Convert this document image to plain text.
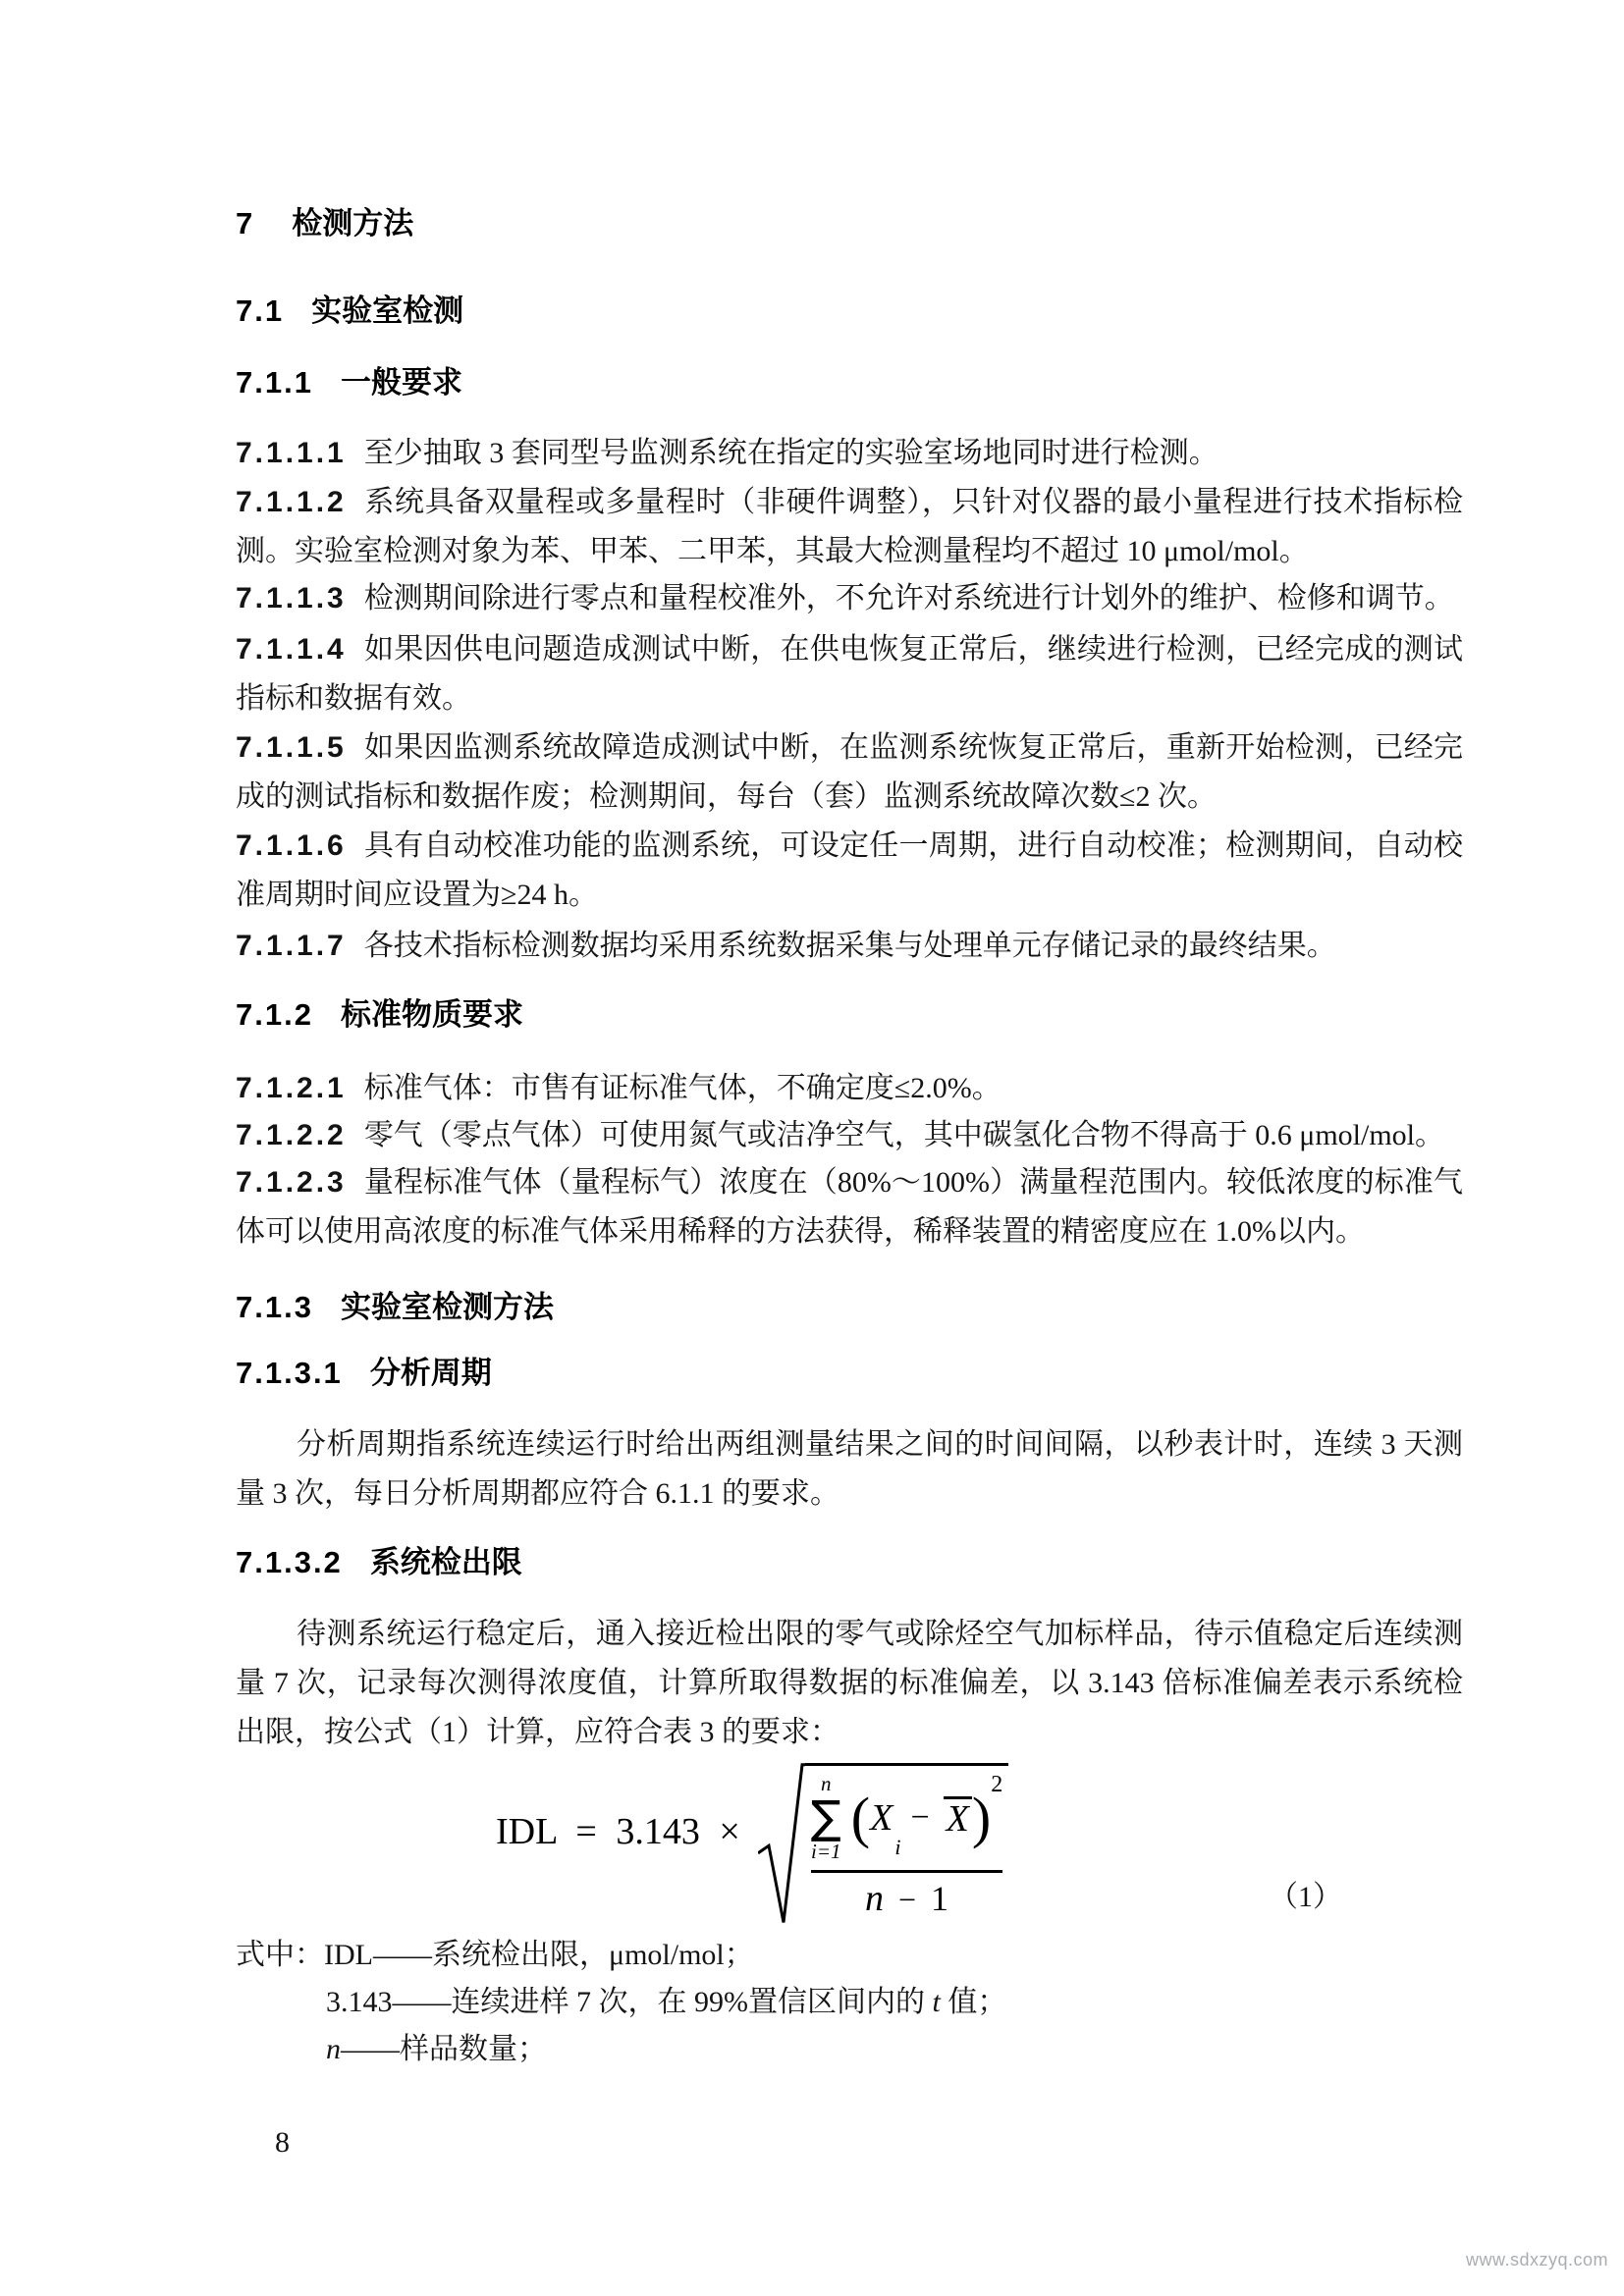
7 检测方法
7.1 实验室检测
7.1.1 一般要求
7.1.1.1 至少抽取 3 套同型号监测系统在指定的实验室场地同时进行检测。
7.1.1.2 系统具备双量程或多量程时（非硬件调整），只针对仪器的最小量程进行技术指标检测。实验室检测对象为苯、甲苯、二甲苯，其最大检测量程均不超过 10 μmol/mol。
7.1.1.3 检测期间除进行零点和量程校准外，不允许对系统进行计划外的维护、检修和调节。
7.1.1.4 如果因供电问题造成测试中断，在供电恢复正常后，继续进行检测，已经完成的测试指标和数据有效。
7.1.1.5 如果因监测系统故障造成测试中断，在监测系统恢复正常后，重新开始检测，已经完成的测试指标和数据作废；检测期间，每台（套）监测系统故障次数≤2 次。
7.1.1.6 具有自动校准功能的监测系统，可设定任一周期，进行自动校准；检测期间，自动校准周期时间应设置为≥24 h。
7.1.1.7 各技术指标检测数据均采用系统数据采集与处理单元存储记录的最终结果。
7.1.2 标准物质要求
7.1.2.1 标准气体：市售有证标准气体，不确定度≤2.0%。
7.1.2.2 零气（零点气体）可使用氮气或洁净空气，其中碳氢化合物不得高于 0.6 μmol/mol。
7.1.2.3 量程标准气体（量程标气）浓度在（80%～100%）满量程范围内。较低浓度的标准气体可以使用高浓度的标准气体采用稀释的方法获得，稀释装置的精密度应在 1.0%以内。
7.1.3 实验室检测方法
7.1.3.1 分析周期
分析周期指系统连续运行时给出两组测量结果之间的时间间隔，以秒表计时，连续 3 天测量 3 次，每日分析周期都应符合 6.1.1 的要求。
7.1.3.2 系统检出限
待测系统运行稳定后，通入接近检出限的零气或除烃空气加标样品，待示值稳定后连续测量 7 次，记录每次测得浓度值，计算所取得数据的标准偏差，以 3.143 倍标准偏差表示系统检出限，按公式（1）计算，应符合表 3 的要求：
IDL = 3.143 ×
n
∑
i=1
( X
i
− X )
2
n − 1	（1）
式中：IDL——系统检出限，μmol/mol；
3.143——连续进样 7 次，在 99%置信区间内的 t 值；
n——样品数量；
8
www.sdxzyq.com
